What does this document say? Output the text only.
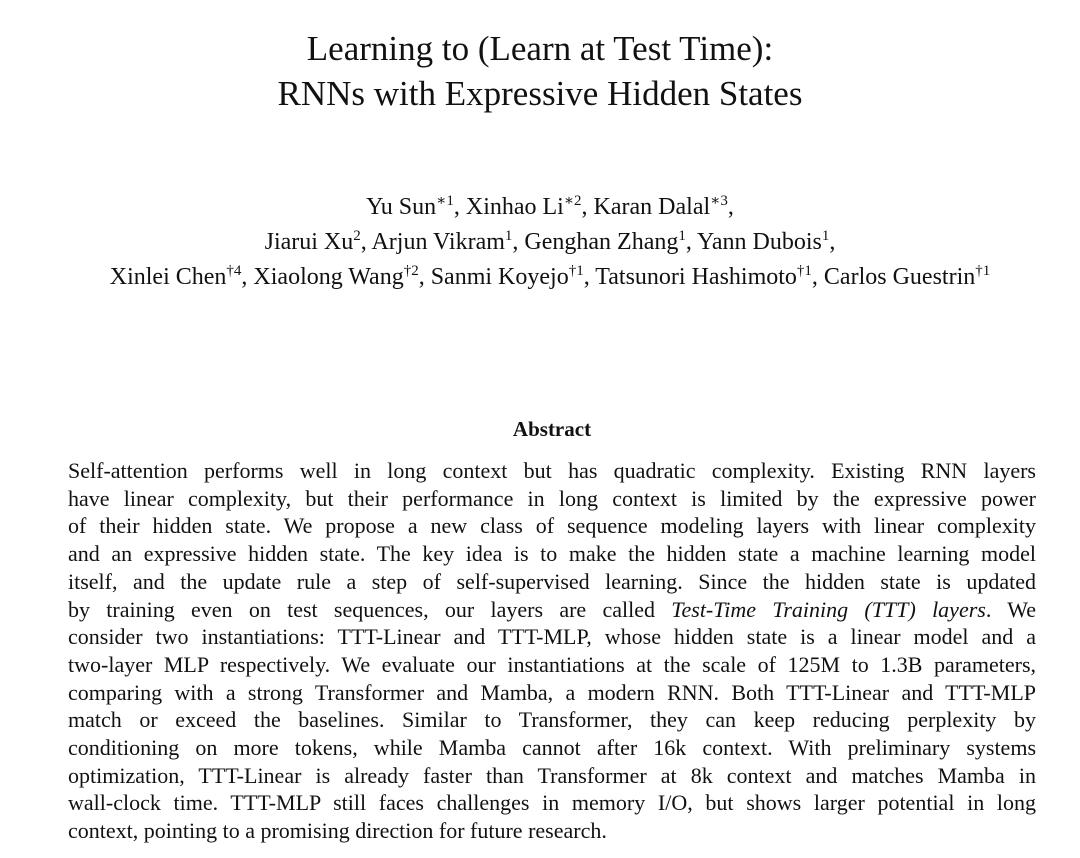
Learning to (Learn at Test Time):
RNNs with Expressive Hidden States
Yu Sun$^{∗1}$, Xinhao $Li^{∗2}$, Karan Dalal$^{∗3}$,
Jiarui Xu$^2$, Arjun Vikram$^1$, Genghan Zhang$^1$, Yann Dubois$^1$,
Xinlei Chen$^{\dagger 4}$, Xiaolong Wang$^{\dagger 2}$, Sanmi Koyejo$^{\dagger 1}$, Tatsunori Hashimoto$^{\dagger 1}$, Carlos Guestrin$^{\dagger 1}$
Abstract
Self-attention performs well in long context but has quadratic complexity. Existing RNN layers
have linear complexity, but their performance in long context is limited by the expressive power
of their hidden state. We propose a new class of sequence modeling layers with linear complexity
and an expressive hidden state. The key idea is to make the hidden state a machine learning model
itself, and the update rule a step of self-supervised learning. Since the hidden state is updated
by training even on test sequences, our layers are called Test-Time Training (TTT) layers. We
consider two instantiations: TTT-Linear and TTT-MLP, whose hidden state is a linear model and a
two-layer MLP respectively. We evaluate our instantiations at the scale of 125M to 1.3B parameters,
comparing with a strong Transformer and Mamba, a modern RNN. Both TTT-Linear and TTT-MLP
match or exceed the baselines. Similar to Transformer, they can keep reducing perplexity by
conditioning on more tokens, while Mamba cannot after 16k context. With preliminary systems
optimization, TTT-Linear is already faster than Transformer at 8k context and matches Mamba in
wall-clock time. TTT-MLP still faces challenges in memory I/O, but shows larger potential in long
context, pointing to a promising direction for future research.
